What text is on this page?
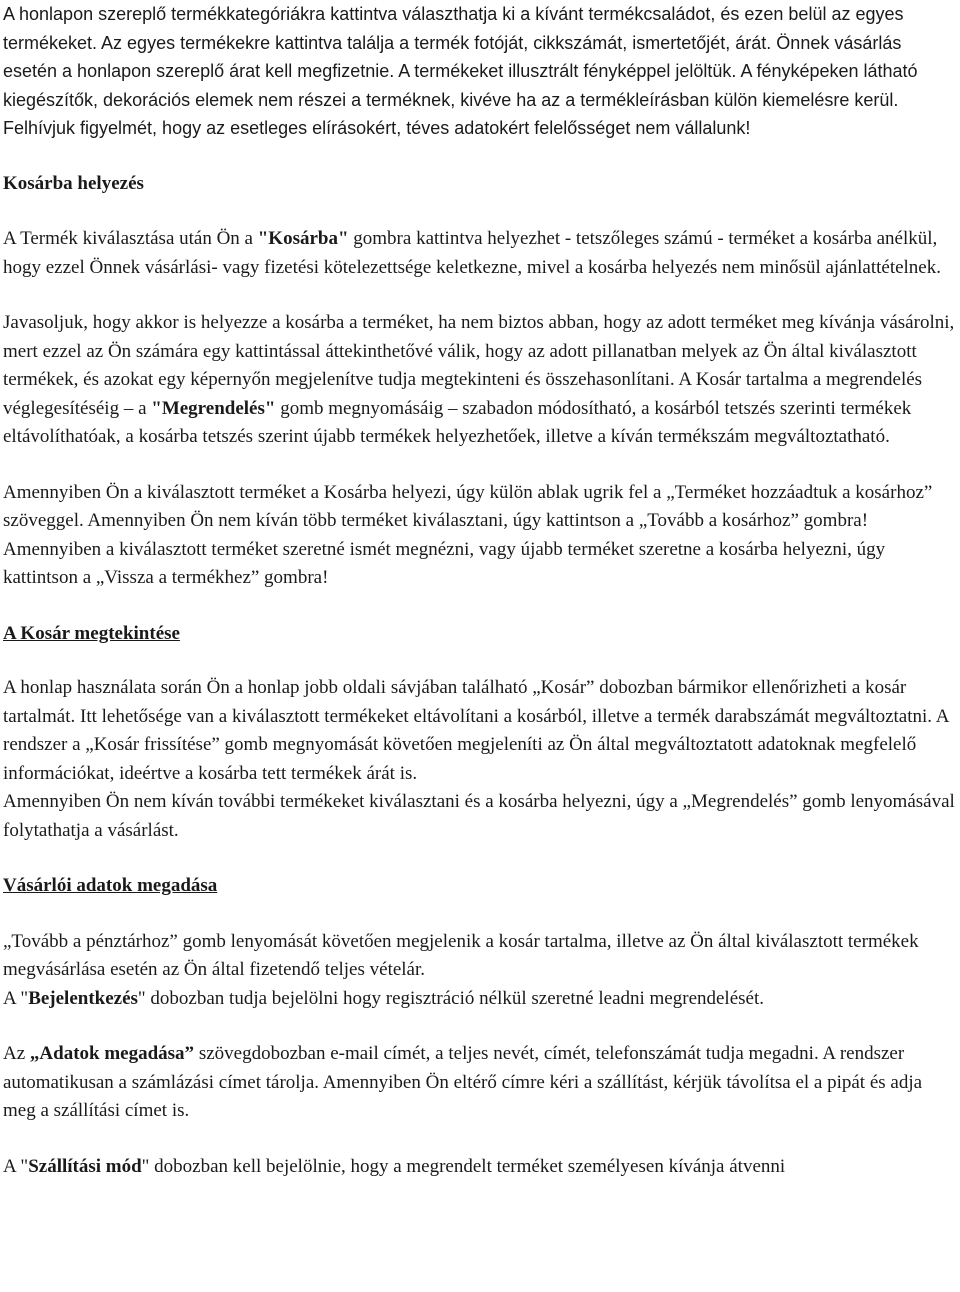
A honlapon szereplő termékkategóriákra kattintva választhatja ki a kívánt termékcsaládot, és ezen belül az egyes termékeket. Az egyes termékekre kattintva találja a termék fotóját, cikkszámát, ismertetőjét, árát. Önnek vásárlás esetén a honlapon szereplő árat kell megfizetnie. A termékeket illusztrált fényképpel jelöltük. A fényképeken látható kiegészítők, dekorációs elemek nem részei a terméknek, kivéve ha az a termékleírásban külön kiemelésre kerül. Felhívjuk figyelmét, hogy az esetleges elírásokért, téves adatokért felelősséget nem vállalunk!

Kosárba helyezés

A Termék kiválasztása után Ön a "Kosárba" gombra kattintva helyezhet - tetszőleges számú - terméket a kosárba anélkül, hogy ezzel Önnek vásárlási- vagy fizetési kötelezettsége keletkezne, mivel a kosárba helyezés nem minősül ajánlattételnek.

Javasoljuk, hogy akkor is helyezze a kosárba a terméket, ha nem biztos abban, hogy az adott terméket meg kívánja vásárolni, mert ezzel az Ön számára egy kattintással áttekinthetővé válik, hogy az adott pillanatban melyek az Ön által kiválasztott termékek, és azokat egy képernyőn megjelenítve tudja megtekinteni és összehasonlítani. A Kosár tartalma a megrendelés véglegesítéséig – a "Megrendelés" gomb megnyomásáig – szabadon módosítható, a kosárból tetszés szerinti termékek eltávolíthatóak, a kosárba tetszés szerint újabb termékek helyezhetőek, illetve a kíván termékszám megváltoztatható.

Amennyiben Ön a kiválasztott terméket a Kosárba helyezi, úgy külön ablak ugrik fel a „Terméket hozzáadtuk a kosárhoz” szöveggel. Amennyiben Ön nem kíván több terméket kiválasztani, úgy kattintson a „Tovább a kosárhoz” gombra! Amennyiben a kiválasztott terméket szeretné ismét megnézni, vagy újabb terméket szeretne a kosárba helyezni, úgy kattintson a „Vissza a termékhez” gombra!

A Kosár megtekintése

A honlap használata során Ön a honlap jobb oldali sávjában található „Kosár” dobozban bármikor ellenőrizheti a kosár tartalmát. Itt lehetősége van a kiválasztott termékeket eltávolítani a kosárból, illetve a termék darabszámát megváltoztatni. A rendszer a „Kosár frissítése” gomb megnyomását követően megjeleníti az Ön által megváltoztatott adatoknak megfelelő információkat, ideértve a kosárba tett termékek árát is.

Amennyiben Ön nem kíván további termékeket kiválasztani és a kosárba helyezni, úgy a „Megrendelés” gomb lenyomásával folytathatja a vásárlást.

Vásárlói adatok megadása

„Tovább a pénztárhoz” gomb lenyomását követően megjelenik a kosár tartalma, illetve az Ön által kiválasztott termékek megvásárlása esetén az Ön által fizetendő teljes vételár.

A "Bejelentkezés" dobozban tudja bejelölni hogy regisztráció nélkül szeretné leadni megrendelését.

Az „Adatok megadása” szövegdobozban e-mail címét, a teljes nevét, címét, telefonszámát tudja megadni. A rendszer automatikusan a számlázási címet tárolja. Amennyiben Ön eltérő címre kéri a szállítást, kérjük távolítsa el a pipát és adja meg a szállítási címet is.

A "Szállítási mód" dobozban kell bejelölnie, hogy a megrendelt terméket személyesen kívánja átvenni
